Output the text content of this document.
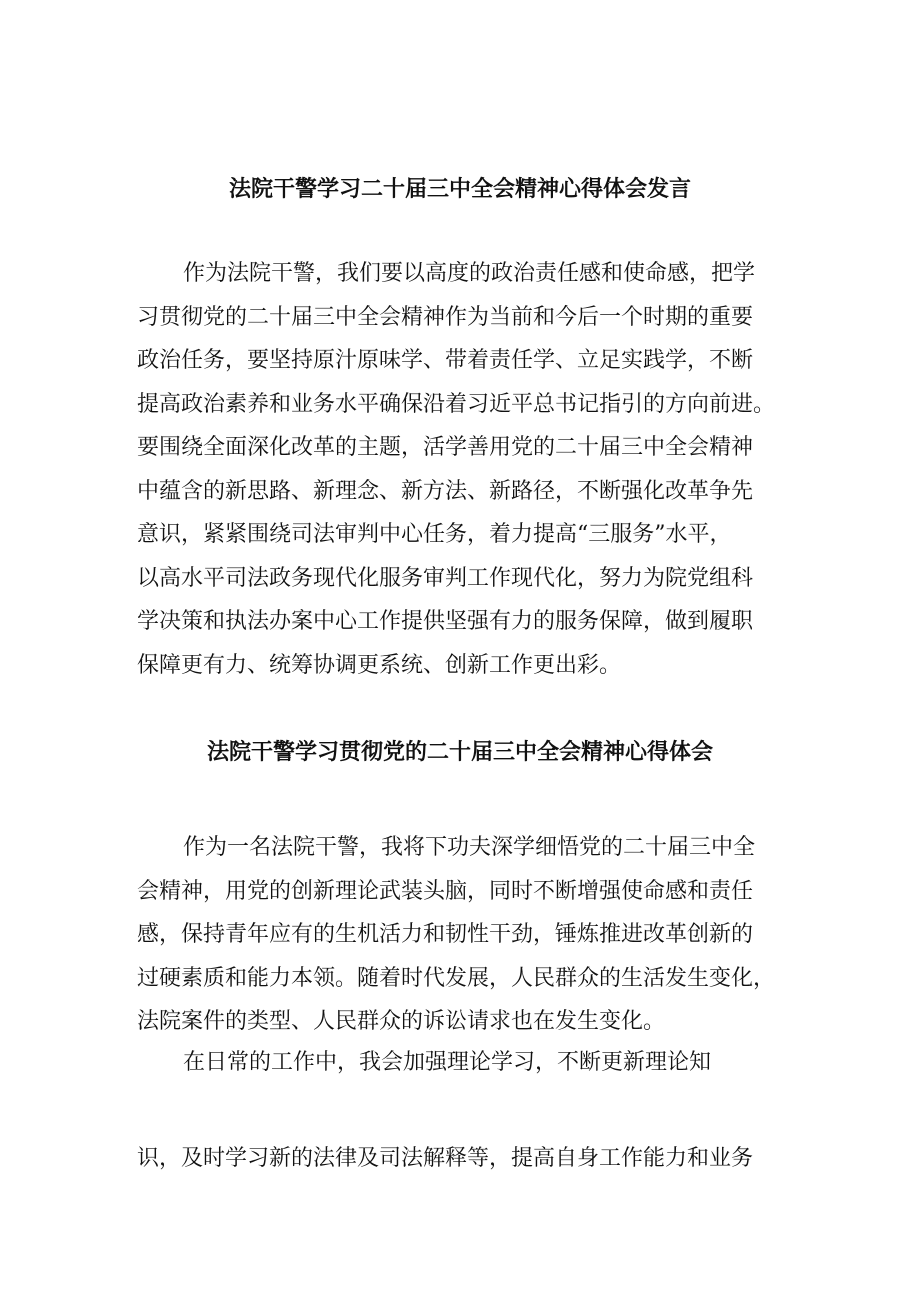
法院干警学习二十届三中全会精神心得体会发言
作为法院干警，我们要以高度的政治责任感和使命感，把学
习贯彻党的二十届三中全会精神作为当前和今后一个时期的重要
政治任务，要坚持原汁原味学、带着责任学、立足实践学，不断
提高政治素养和业务水平确保沿着习近平总书记指引的方向前进。
要围绕全面深化改革的主题，活学善用党的二十届三中全会精神
中蕴含的新思路、新理念、新方法、新路径，不断强化改革争先
意识，紧紧围绕司法审判中心任务，着力提高“三服务”水平，
以高水平司法政务现代化服务审判工作现代化，努力为院党组科
学决策和执法办案中心工作提供坚强有力的服务保障，做到履职
保障更有力、统筹协调更系统、创新工作更出彩。
法院干警学习贯彻党的二十届三中全会精神心得体会
作为一名法院干警，我将下功夫深学细悟党的二十届三中全
会精神，用党的创新理论武装头脑，同时不断增强使命感和责任
感，保持青年应有的生机活力和韧性干劲，锤炼推进改革创新的
过硬素质和能力本领。随着时代发展，人民群众的生活发生变化，
法院案件的类型、人民群众的诉讼请求也在发生变化。
在日常的工作中，我会加强理论学习，不断更新理论知
识，及时学习新的法律及司法解释等，提高自身工作能力和业务
